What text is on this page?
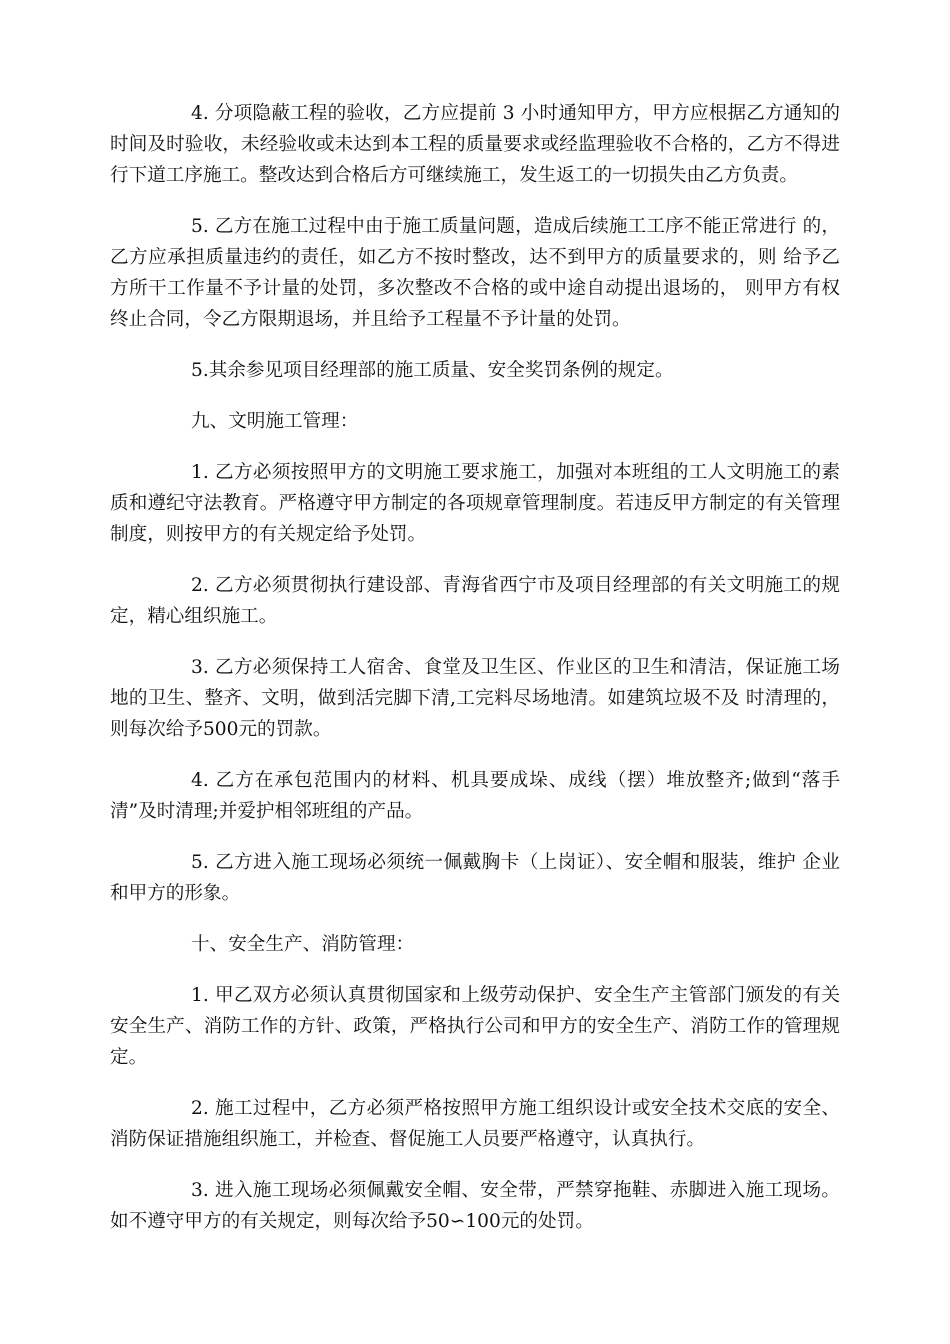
4. 分项隐蔽工程的验收，乙方应提前 3 小时通知甲方，甲方应根据乙方通知的时间及时验收，未经验收或未达到本工程的质量要求或经监理验收不合格的，乙方不得进行下道工序施工。整改达到合格后方可继续施工，发生返工的一切损失由乙方负责。

5. 乙方在施工过程中由于施工质量问题，造成后续施工工序不能正常进行 的，乙方应承担质量违约的责任，如乙方不按时整改，达不到甲方的质量要求的，则 给予乙方所干工作量不予计量的处罚，多次整改不合格的或中途自动提出退场的， 则甲方有权终止合同，令乙方限期退场，并且给予工程量不予计量的处罚。

5.其余参见项目经理部的施工质量、安全奖罚条例的规定。

九、文明施工管理：

1. 乙方必须按照甲方的文明施工要求施工，加强对本班组的工人文明施工的素质和遵纪守法教育。严格遵守甲方制定的各项规章管理制度。若违反甲方制定的有关管理制度，则按甲方的有关规定给予处罚。

2. 乙方必须贯彻执行建设部、青海省西宁市及项目经理部的有关文明施工的规定，精心组织施工。

3. 乙方必须保持工人宿舍、食堂及卫生区、作业区的卫生和清洁，保证施工场地的卫生、整齐、文明，做到活完脚下清,工完料尽场地清。如建筑垃圾不及 时清理的，则每次给予500元的罚款。

4. 乙方在承包范围内的材料、机具要成垛、成线（摆）堆放整齐;做到“落手清”及时清理;并爱护相邻班组的产品。

5. 乙方进入施工现场必须统一佩戴胸卡（上岗证）、安全帽和服装，维护 企业和甲方的形象。

十、安全生产、消防管理：

1. 甲乙双方必须认真贯彻国家和上级劳动保护、安全生产主管部门颁发的有关安全生产、消防工作的方针、政策，严格执行公司和甲方的安全生产、消防工作的管理规定。

2. 施工过程中，乙方必须严格按照甲方施工组织设计或安全技术交底的安全、消防保证措施组织施工，并检查、督促施工人员要严格遵守，认真执行。

3. 进入施工现场必须佩戴安全帽、安全带，严禁穿拖鞋、赤脚进入施工现场。如不遵守甲方的有关规定，则每次给予50∽100元的处罚。
